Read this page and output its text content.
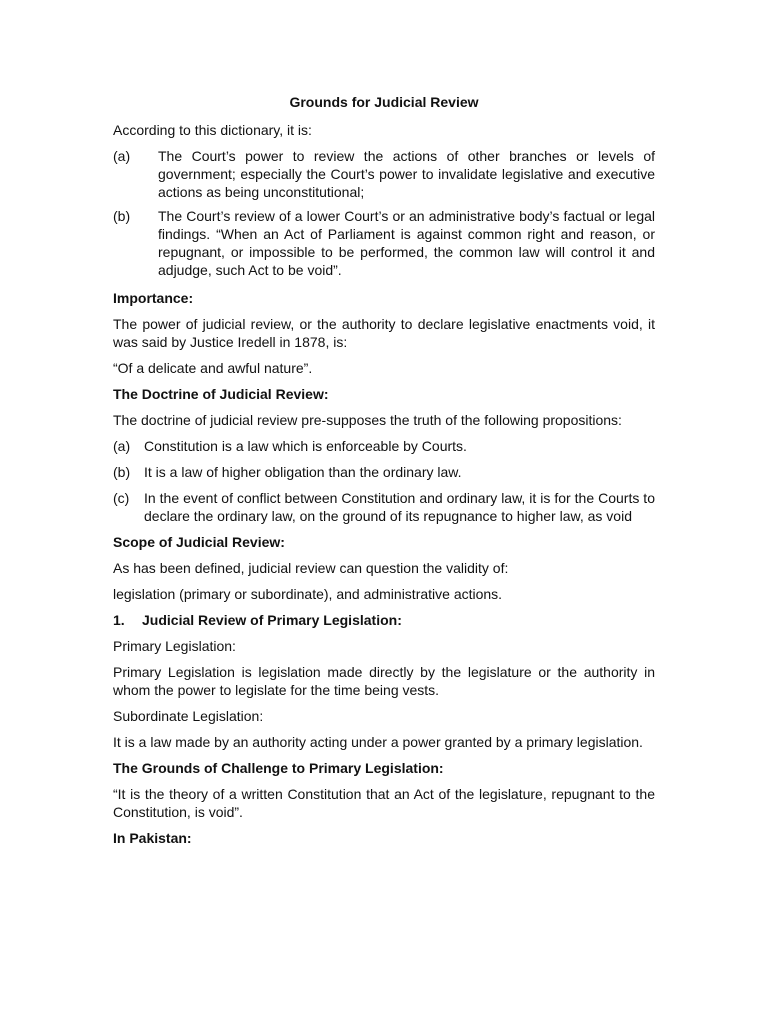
Grounds for Judicial Review

According to this dictionary, it is:

(a)	The Court’s power to review the actions of other branches or levels of government; especially the Court’s power to invalidate legislative and executive actions as being unconstitutional;
(b)	The Court’s review of a lower Court’s or an administrative body’s factual or legal findings. “When an Act of Parliament is against common right and reason, or repugnant, or impossible to be performed, the common law will control it and adjudge, such Act to be void”.
Importance:

The power of judicial review, or the authority to declare legislative enactments void, it was said by Justice Iredell in 1878, is:

“Of a delicate and awful nature”.

The Doctrine of Judicial Review:

The doctrine of judicial review pre-supposes the truth of the following propositions:

(a) Constitution is a law which is enforceable by Courts.
(b) It is a law of higher obligation than the ordinary law.
(c)	In the event of conflict between Constitution and ordinary law, it is for the Courts to declare the ordinary law, on the ground of its repugnance to higher law, as void
Scope of Judicial Review:

As has been defined, judicial review can question the validity of:

legislation (primary or subordinate), and administrative actions.

1.	Judicial Review of Primary Legislation:

Primary Legislation:

Primary Legislation is legislation made directly by the legislature or the authority in whom the power to legislate for the time being vests.

Subordinate Legislation:

It is a law made by an authority acting under a power granted by a primary legislation.

The Grounds of Challenge to Primary Legislation:

“It is the theory of a written Constitution that an Act of the legislature, repugnant to the Constitution, is void”.

In Pakistan:
